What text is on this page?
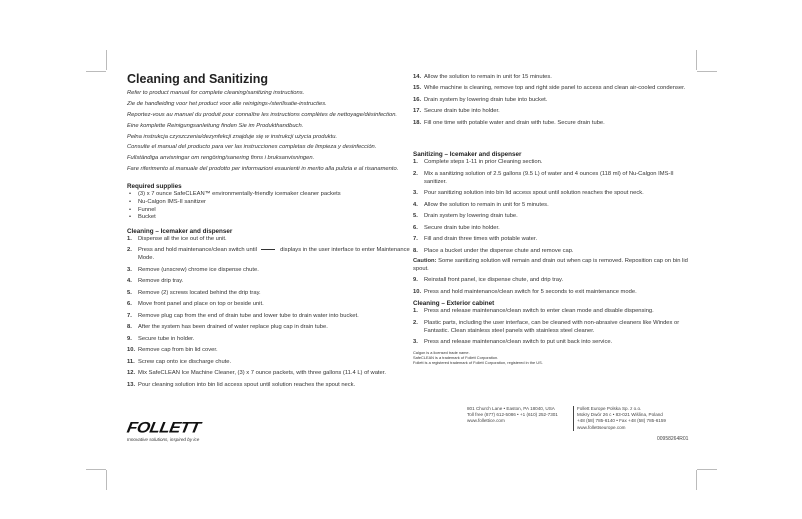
Cleaning and Sanitizing

Refer to product manual for complete cleaning/sanitizing instructions.

Zie de handleiding voor het product voor alle reinigings-/sterilisatie-instructies.

Reportez-vous au manuel du produit pour connaître les instructions complètes de nettoyage/désinfection.

Eine komplette Reinigungsanleitung finden Sie im Produkthandbuch.

Pełna instrukcja czyszczenia/dezynfekcji znajduje się w instrukcji użycia produktu.

Consulte el manual del producto para ver las instrucciones completas de limpieza y desinfección.

Fullständiga anvisningar om rengöring/sanering finns i bruksanvisningen.

Fare riferimento al manuale del prodotto per informazioni esaurienti in merito alla pulizia e al risanamento.

Required supplies
• (3) x 7 ounce SafeCLEAN™ environmentally-friendly icemaker cleaner packets
• Nu-Calgon IMS-II sanitizer
• Funnel
• Bucket
Cleaning – Icemaker and dispenser
1. Dispense all the ice out of the unit.
2. Press and hold maintenance/clean switch until	displays in the user interface to enter Maintenance Mode.
3. Remove (unscrew) chrome ice dispense chute.
4. Remove drip tray.
5. Remove (2) screws located behind the drip tray.
6. Move front panel and place on top or beside unit.
7. Remove plug cap from the end of drain tube and lower tube to drain water into bucket.
8. After the system has been drained of water replace plug cap in drain tube.
9. Secure tube in holder.
10. Remove cap from bin lid cover.
11. Screw cap onto ice discharge chute.
12. Mix SafeCLEAN Ice Machine Cleaner, (3) x 7 ounce packets, with three gallons (11.4 L) of water.
13. Pour cleaning solution into bin lid access spout until solution reaches the spout neck.
14. Allow the solution to remain in unit for 15 minutes.
15. While machine is cleaning, remove top and right side panel to access and clean air-cooled condenser.
16. Drain system by lowering drain tube into bucket.
17. Secure drain tube into holder.
18. Fill one time with potable water and drain with tube. Secure drain tube.
Sanitizing – Icemaker and dispenser
1. Complete steps 1-11 in prior Cleaning section.
2. Mix a sanitizing solution of 2.5 gallons (9.5 L) of water and 4 ounces (118 ml) of Nu-Calgon IMS-II sanitizer.
3. Pour sanitizing solution into bin lid access spout until solution reaches the spout neck.
4. Allow the solution to remain in unit for 5 minutes.
5. Drain system by lowering drain tube.
6. Secure drain tube into holder.
7. Fill and drain three times with potable water.
8. Place a bucket under the dispense chute and remove cap.

Caution: Some sanitizing solution will remain and drain out when cap is removed. Reposition cap on bin lid spout.

9. Reinstall front panel, ice dispense chute, and drip tray.
10. Press and hold maintenance/clean switch for 5 seconds to exit maintenance mode.
Cleaning – Exterior cabinet
1. Press and release maintenance/clean switch to enter clean mode and disable dispensing.
2. Plastic parts, including the user interface, can be cleaned with non-abrasive cleaners like Windex or Fantastic. Clean stainless steel panels with stainless steel cleaner.
3. Press and release maintenance/clean switch to put unit back into service.
Calgon is a licensed trade name.
SafeCLEAN is a trademark of Follett Corporation.
Follett is a registered trademark of Follett Corporation, registered in the US.
FOLLETT
Innovative solutions, inspired by ice
801 Church Lane • Easton, PA 18040, USA
Toll free (877) 612-5086 • +1 (610) 252-7301
www.follettice.com
Follett Europe Polska Sp. z o.o.
Mokry Dwór 26 c • 83-021 Wiślina, Poland
+48 (58) 785-6140 • Fax +48 (58) 785-6159
www.follettseurope.com
00958264R01
